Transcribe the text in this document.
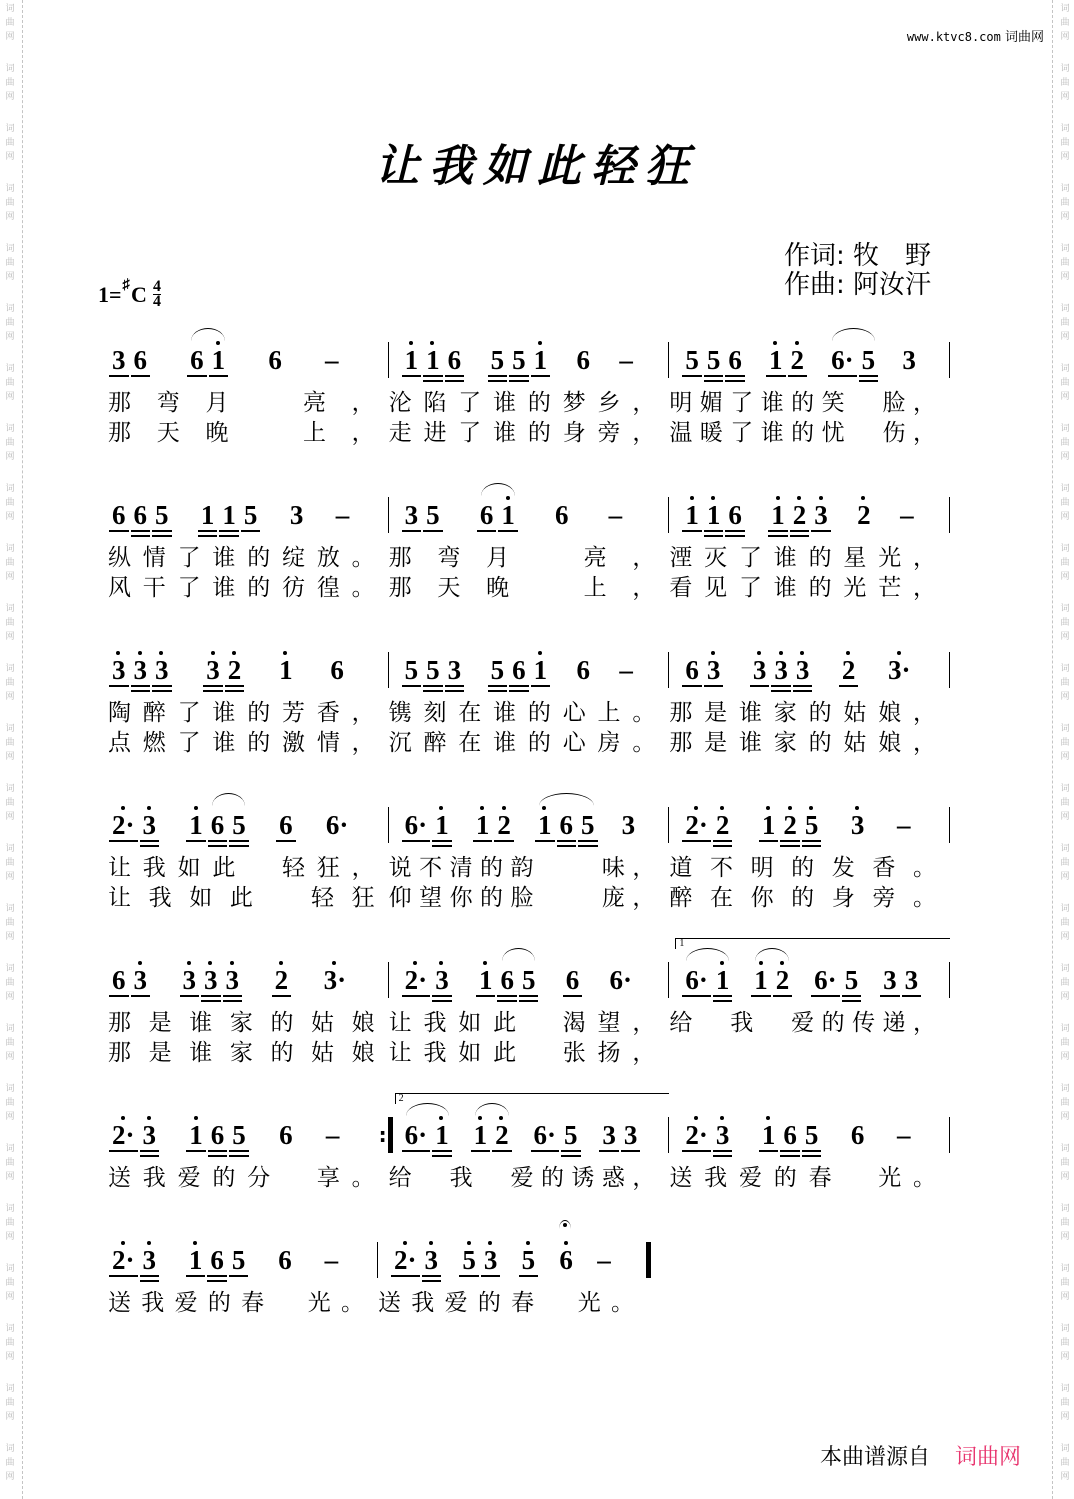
词
曲
网
词
曲
网
词
曲
网
词
曲
网
词
曲
网
词
曲
网
词
曲
网
词
曲
网
词
曲
网
词
曲
网
词
曲
网
词
曲
网
词
曲
网
词
曲
网
词
曲
网
词
曲
网
词
曲
网
词
曲
网
词
曲
网
词
曲
网
词
曲
网
词
曲
网
词
曲
网
词
曲
网
词
曲
网
词
曲
网
词
曲
网
词
曲
网
词
曲
网
词
曲
网
词
曲
网
词
曲
网
词
曲
网
词
曲
网
词
曲
网
词
曲
网
词
曲
网
词
曲
网
词
曲
网
词
曲
网
词
曲
网
词
曲
网
词
曲
网
词
曲
网
词
曲
网
词
曲
网
词
曲
网
词
曲
网
词
曲
网
词
曲
网
www.ktvc8.com 词曲网
让我如此轻狂
作词: 牧　野
作曲: 阿汝汗
1= ♯ C $\frac{4}{4}$
3 6 6 1 6 –
那弯月　亮，
那天晚　上，
1 1 6 5 5 1 6 –
沦陷了谁的梦乡，
走进了谁的身旁，
5 5 6 1 2 6· 5 3
明媚了谁的笑　脸，
温暖了谁的忧　伤，
6 6 5 1 1 5 3 –
纵情了谁的绽放。
风干了谁的彷徨。
3 5 6 1 6 –
那弯月　亮，
那天晚　上，
1 1 6 1 2 3 2 –
湮灭了谁的星光，
看见了谁的光芒，
3 3 3 3 2 1 6
陶醉了谁的芳香，
点燃了谁的激情，
5 5 3 5 6 1 6 –
镌刻在谁的心上。
沉醉在谁的心房。
6 3 3 3 3 2 3·
那是谁家的姑娘，
那是谁家的姑娘，
2· 3 1 6 5 6 6·
让我如此　轻狂，
让我如此　轻狂　
6· 1 1 2 1 6 5 3
说不清的韵　　味，
仰望你的脸　　庞，
2· 2 1 2 5 3 –
道不明的发香。
醉在你的身旁。
6 3 3 3 3 2 3·
那是谁家的姑娘
那是谁家的姑娘
2· 3 1 6 5 6 6·
让我如此　渴望，
让我如此　张扬，
1
6· 1 1 2 6· 5 3 3
给　我　爱的传递，
2· 3 1 6 5 6 – :
送我爱的分　享。
2
6· 1 1 2 6· 5 3 3
给　我　爱的诱惑，
2· 3 1 6 5 6 –
送我爱的春　光。
2· 3 1 6 5 6 –
送我爱的春　光。
2· 3 5 3 5 6 –
送我爱的春　光。
本曲谱源自 词曲网
